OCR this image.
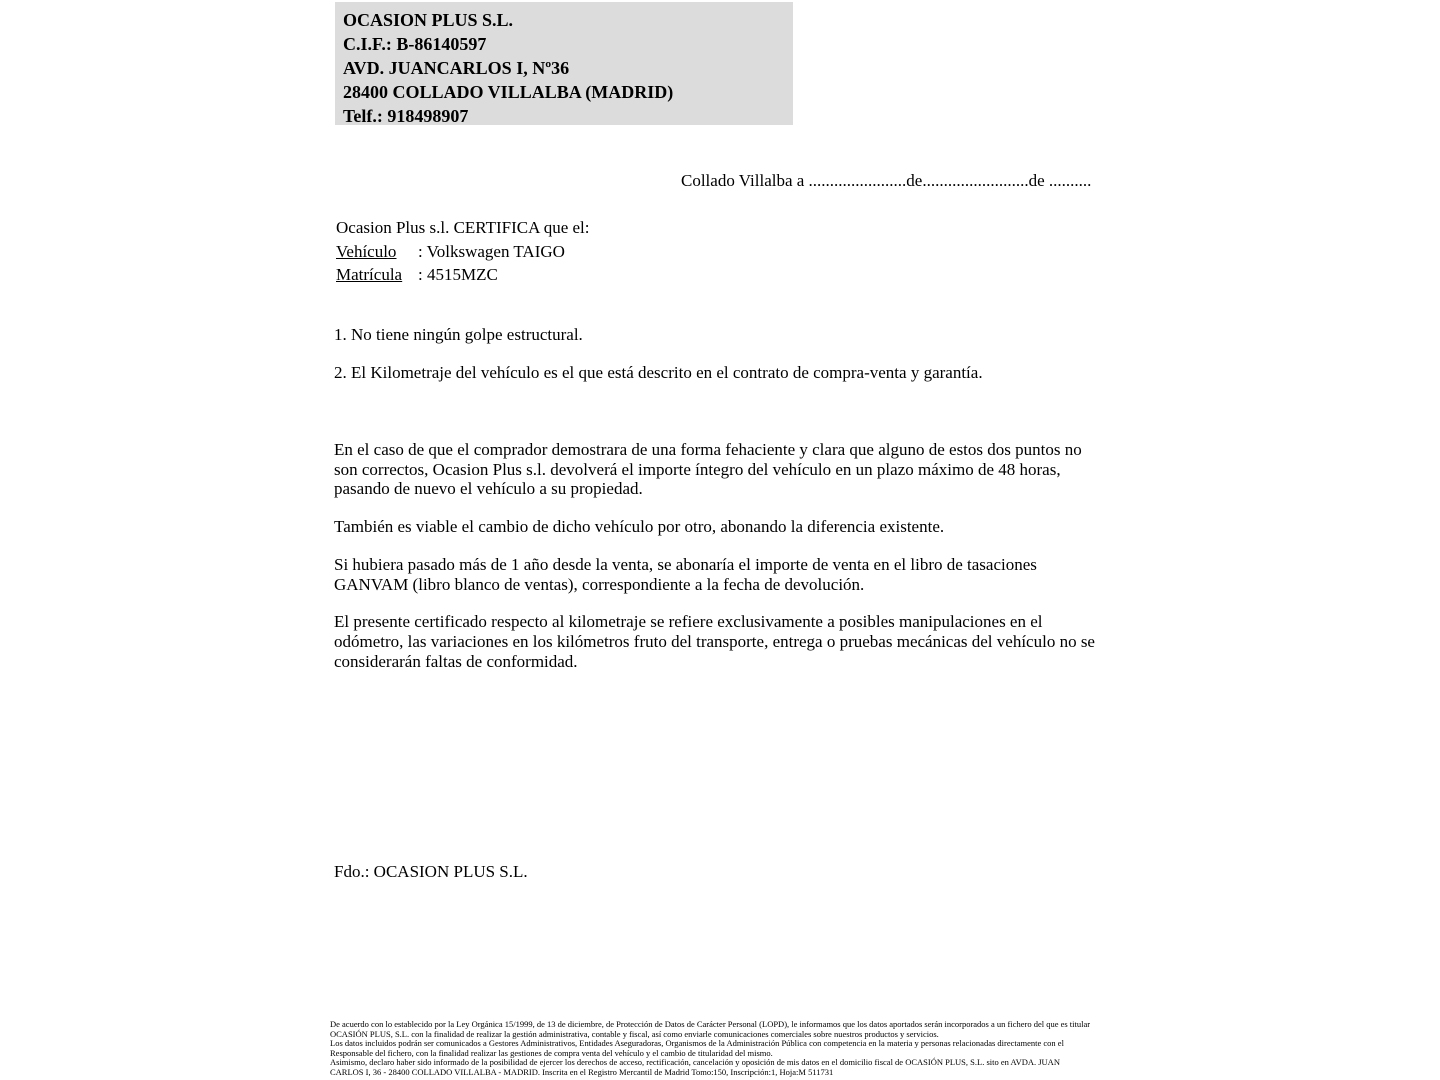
OCASION PLUS S.L.
C.I.F.: B-86140597
AVD. JUANCARLOS I, Nº36
28400 COLLADO VILLALBA (MADRID)
Telf.: 918498907
Collado Villalba a .......................de.........................de ..........
Ocasion Plus s.l. CERTIFICA que el:
Vehículo : Volkswagen TAIGO
Matrícula : 4515MZC
1. No tiene ningún golpe estructural.
2. El Kilometraje del vehículo es el que está descrito en el contrato de compra-venta y garantía.

En el caso de que el comprador demostrara de una forma fehaciente y clara que alguno de estos dos puntos no son correctos, Ocasion Plus s.l. devolverá el importe íntegro del vehículo en un plazo máximo de 48 horas, pasando de nuevo el vehículo a su propiedad.

También es viable el cambio de dicho vehículo por otro, abonando la diferencia existente.

Si hubiera pasado más de 1 año desde la venta, se abonaría el importe de venta en el libro de tasaciones GANVAM (libro blanco de ventas), correspondiente a la fecha de devolución.

El presente certificado respecto al kilometraje se refiere exclusivamente a posibles manipulaciones en el odómetro, las variaciones en los kilómetros fruto del transporte, entrega o pruebas mecánicas del vehículo no se considerarán faltas de conformidad.

Fdo.: OCASION PLUS S.L.
De acuerdo con lo establecido por la Ley Orgánica 15/1999, de 13 de diciembre, de Protección de Datos de Carácter Personal (LOPD), le informamos que los datos aportados serán incorporados a un fichero del que es titular
OCASIÓN PLUS, S.L. con la finalidad de realizar la gestión administrativa, contable y fiscal, así como enviarle comunicaciones comerciales sobre nuestros productos y servicios.
Los datos incluidos podrán ser comunicados a Gestores Administrativos, Entidades Aseguradoras, Organismos de la Administración Pública con competencia en la materia y personas relacionadas directamente con el
Responsable del fichero, con la finalidad realizar las gestiones de compra venta del vehículo y el cambio de titularidad del mismo.
Asimismo, declaro haber sido informado de la posibilidad de ejercer los derechos de acceso, rectificación, cancelación y oposición de mis datos en el domicilio fiscal de OCASIÓN PLUS, S.L. sito en AVDA. JUAN
CARLOS I, 36 - 28400 COLLADO VILLALBA - MADRID. Inscrita en el Registro Mercantil de Madrid Tomo:150, Inscripción:1, Hoja:M 511731
